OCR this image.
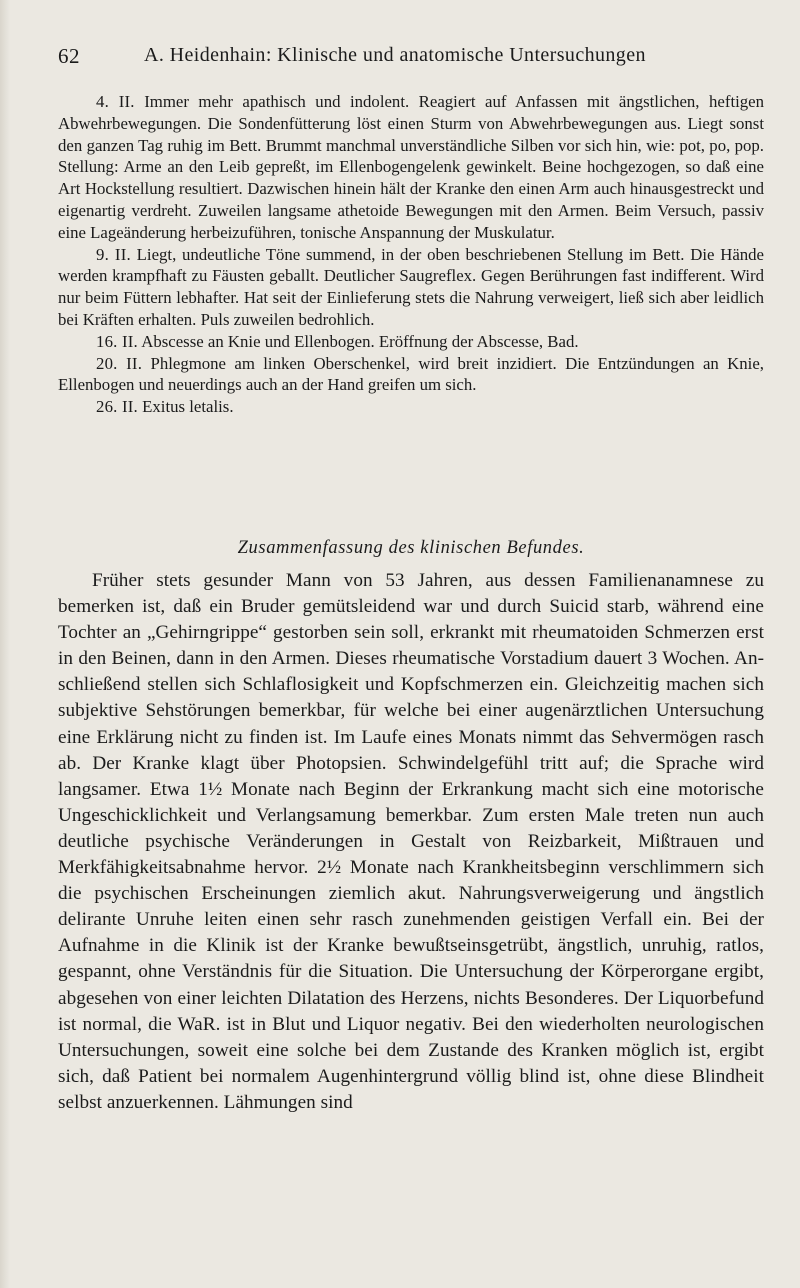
62	A. Heidenhain: Klinische und anatomische Untersuchungen

4. II. Immer mehr apathisch und indolent. Reagiert auf Anfassen mit ängstlichen, heftigen Abwehrbewegungen. Die Sondenfütterung löst einen Sturm von Abwehrbewegungen aus. Liegt sonst den ganzen Tag ruhig im Bett. Brummt manchmal unverständliche Silben vor sich hin, wie: pot, po, pop. Stellung: Arme an den Leib gepreßt, im Ellenbogengelenk gewinkelt. Beine hochgezogen, so daß eine Art Hockstellung resultiert. Dazwischen hinein hält der Kranke den einen Arm auch hinausgestreckt und eigenartig verdreht. Zuweilen langsame athetoide Bewegungen mit den Armen. Beim Versuch, passiv eine Lageänderung herbeizuführen, tonische Anspannung der Muskulatur.

9. II. Liegt, undeutliche Töne summend, in der oben beschriebenen Stellung im Bett. Die Hände werden krampfhaft zu Fäusten geballt. Deutlicher Saugreflex. Gegen Berührungen fast indifferent. Wird nur beim Füttern lebhafter. Hat seit der Einlieferung stets die Nahrung verweigert, ließ sich aber leidlich bei Kräften erhalten. Puls zuweilen bedrohlich.

16. II. Abscesse an Knie und Ellenbogen. Eröffnung der Abscesse, Bad.

20. II. Phlegmone am linken Oberschenkel, wird breit inzidiert. Die Entzündungen an Knie, Ellenbogen und neuerdings auch an der Hand greifen um sich.

26. II. Exitus letalis.

Zusammenfassung des klinischen Befundes.

Früher stets gesunder Mann von 53 Jahren, aus dessen Familienanamnese zu bemerken ist, daß ein Bruder gemütsleidend war und durch Suicid starb, während eine Tochter an „Gehirngrippe“ gestorben sein soll, erkrankt mit rheumatoiden Schmerzen erst in den Beinen, dann in den Armen. Dieses rheumatische Vorstadium dauert 3 Wochen. Anschließend stellen sich Schlaflosigkeit und Kopfschmerzen ein. Gleichzeitig machen sich subjektive Sehstörungen bemerkbar, für welche bei einer augenärztlichen Untersuchung eine Erklärung nicht zu finden ist. Im Laufe eines Monats nimmt das Sehvermögen rasch ab. Der Kranke klagt über Photopsien. Schwindelgefühl tritt auf; die Sprache wird langsamer. Etwa 1½ Monate nach Beginn der Erkrankung macht sich eine motorische Ungeschicklichkeit und Verlangsamung bemerkbar. Zum ersten Male treten nun auch deutliche psychische Veränderungen in Gestalt von Reizbarkeit, Mißtrauen und Merkfähigkeitsabnahme hervor. 2½ Monate nach Krankheitsbeginn verschlimmern sich die psychischen Erscheinungen ziemlich akut. Nahrungsverweigerung und ängstlich delirante Unruhe leiten einen sehr rasch zunehmenden geistigen Verfall ein. Bei der Aufnahme in die Klinik ist der Kranke bewußtseinsgetrübt, ängstlich, unruhig, ratlos, gespannt, ohne Verständnis für die Situation. Die Untersuchung der Körperorgane ergibt, abgesehen von einer leichten Dilatation des Herzens, nichts Besonderes. Der Liquorbefund ist normal, die WaR. ist in Blut und Liquor negativ. Bei den wiederholten neurologischen Untersuchungen, soweit eine solche bei dem Zustande des Kranken möglich ist, ergibt sich, daß Patient bei normalem Augenhintergrund völlig blind ist, ohne diese Blindheit selbst anzuerkennen. Lähmungen sind
